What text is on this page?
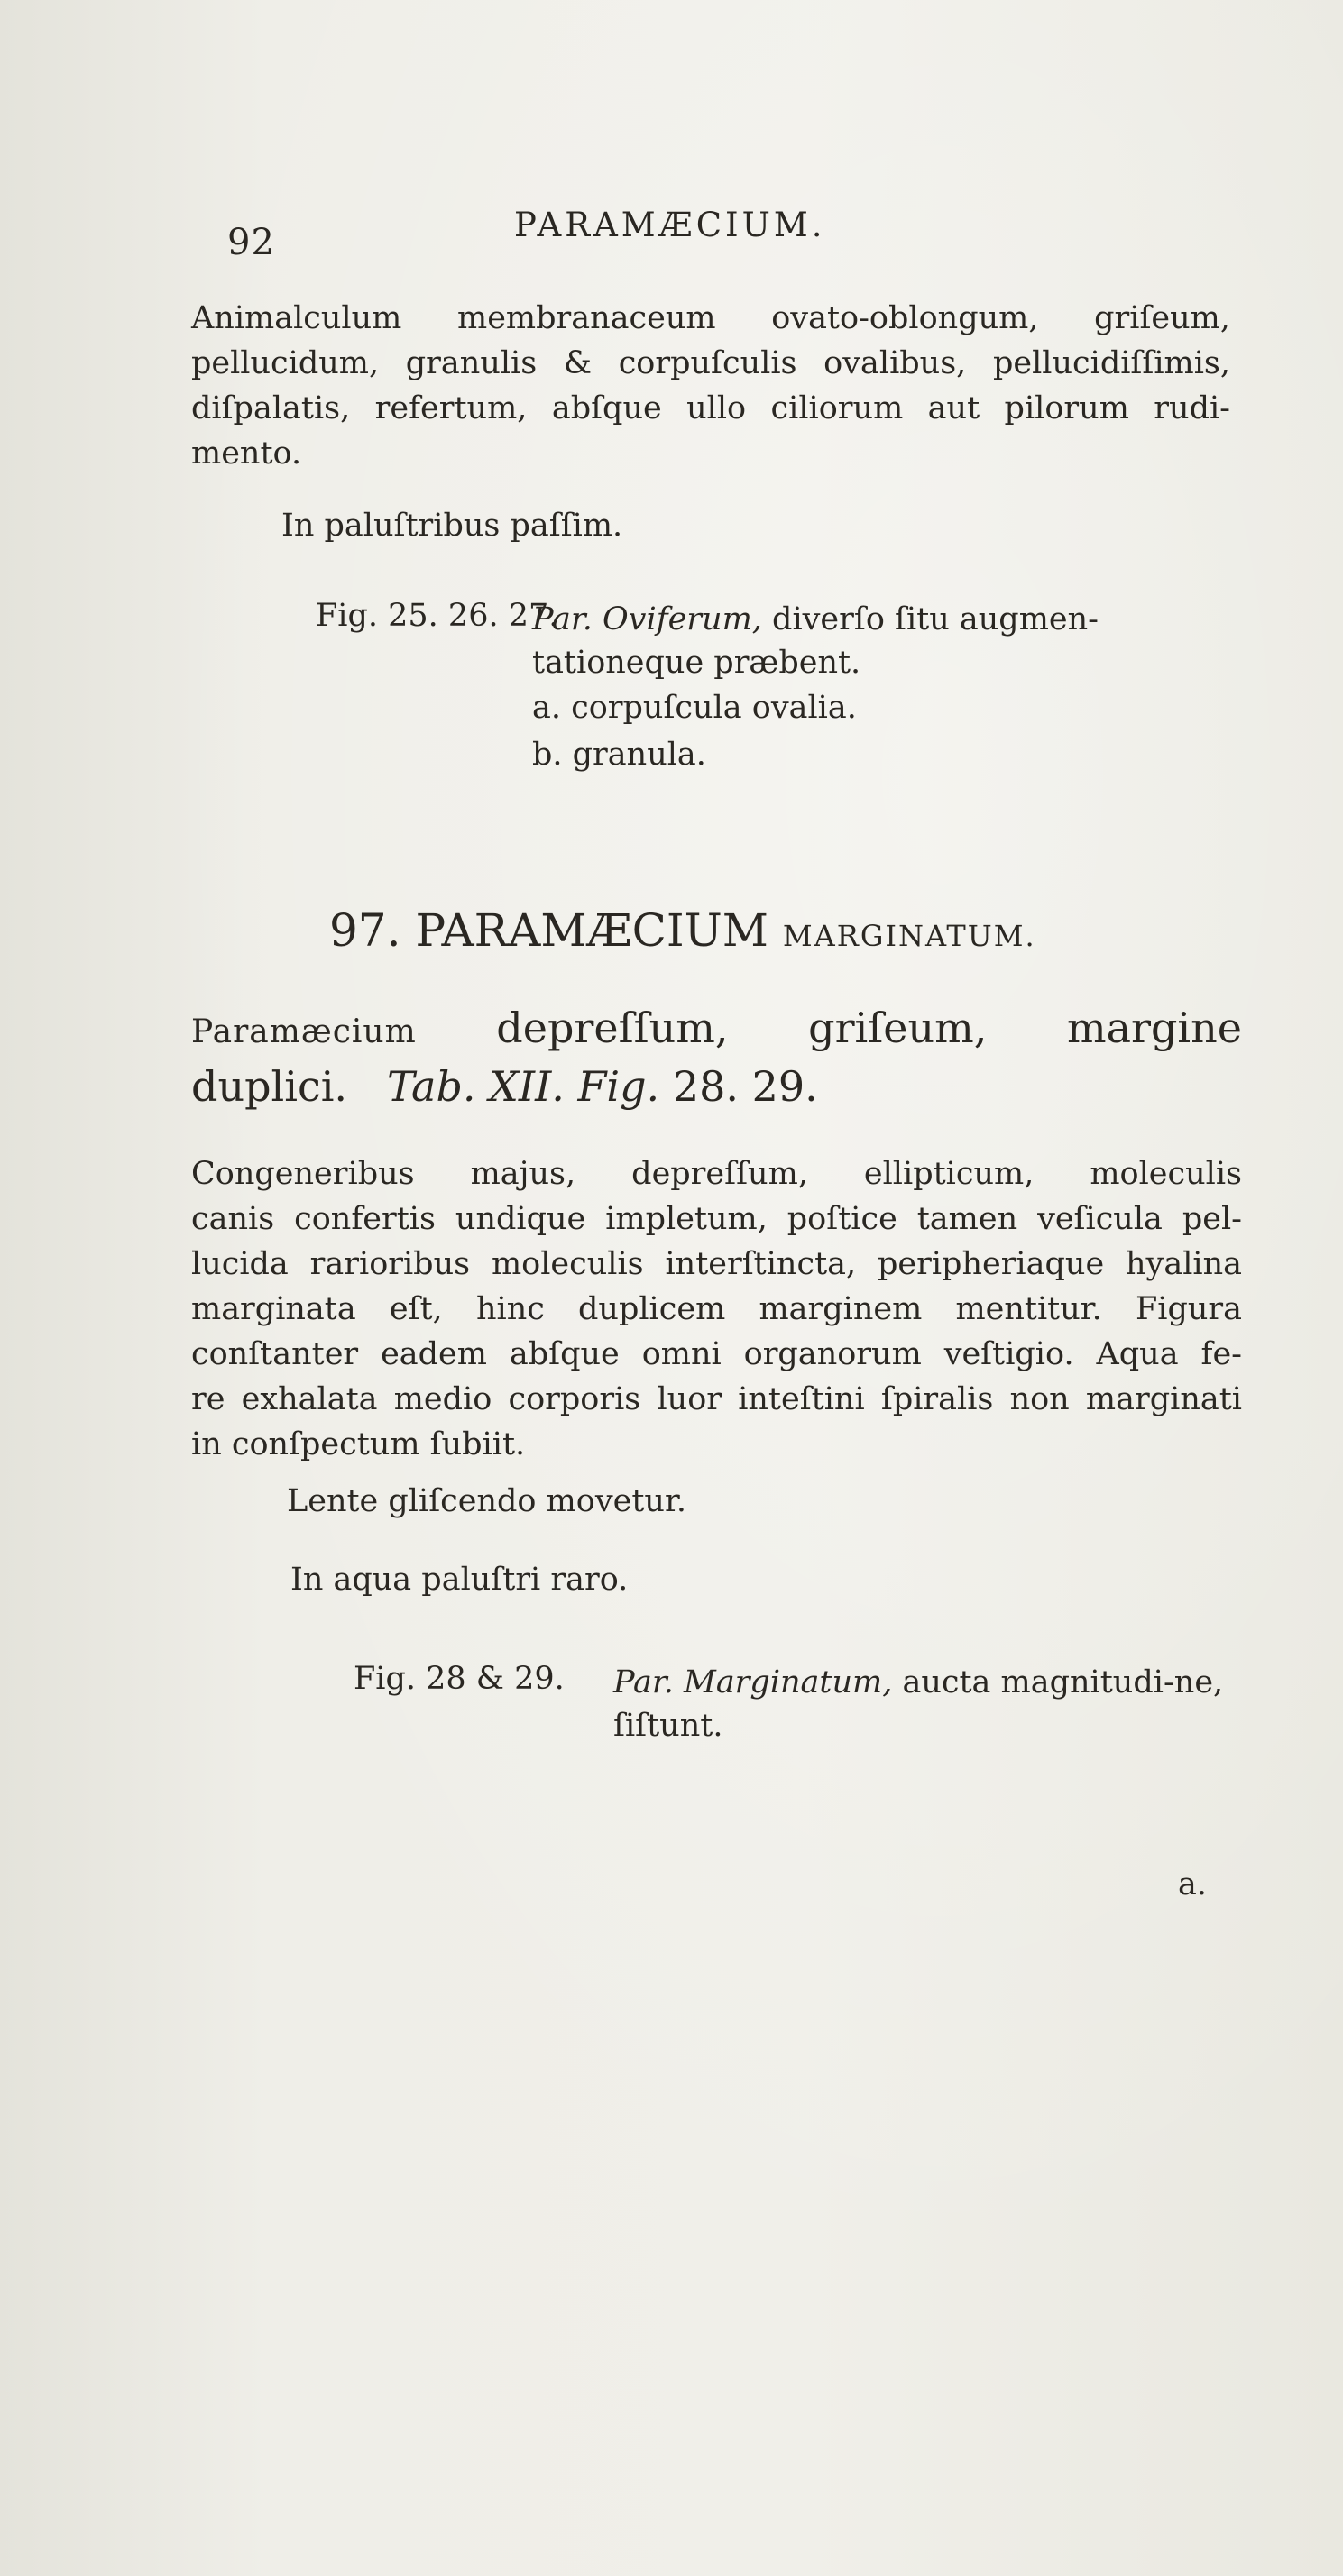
92	PARAMÆCIUM.
Animalculum membranaceum ovato-oblongum, griſeum,
pellucidum, granulis & corpuſculis ovalibus, pellucidiſſimis,
diſpalatis, refertum, abſque ullo ciliorum aut pilorum rudi-
mento.
In paluſtribus paſſim.
Fig. 25. 26. 27.
Par. Oviferum, diverſo ſitu augmen-tationeque præbent.
a. corpuſcula ovalia.
b. granula.
97. PARAMÆCIUM MARGINATUM.
Paramæcium depreſſum, griſeum, margine
duplici. Tab. XII. Fig. 28. 29.
Congeneribus majus, depreſſum, ellipticum, moleculis
canis confertis undique impletum, poſtice tamen veſicula pel-
lucida rarioribus moleculis interſtincta, peripheriaque hyalina
marginata eſt, hinc duplicem marginem mentitur. Figura
conſtanter eadem abſque omni organorum veſtigio. Aqua fe-
re exhalata medio corporis luor inteſtini ſpiralis non marginati
in conſpectum ſubiit.
Lente gliſcendo movetur.
In aqua paluſtri raro.
Fig. 28 & 29. Par. Marginatum, aucta magnitudi-ne, ſiſtunt.
a.
